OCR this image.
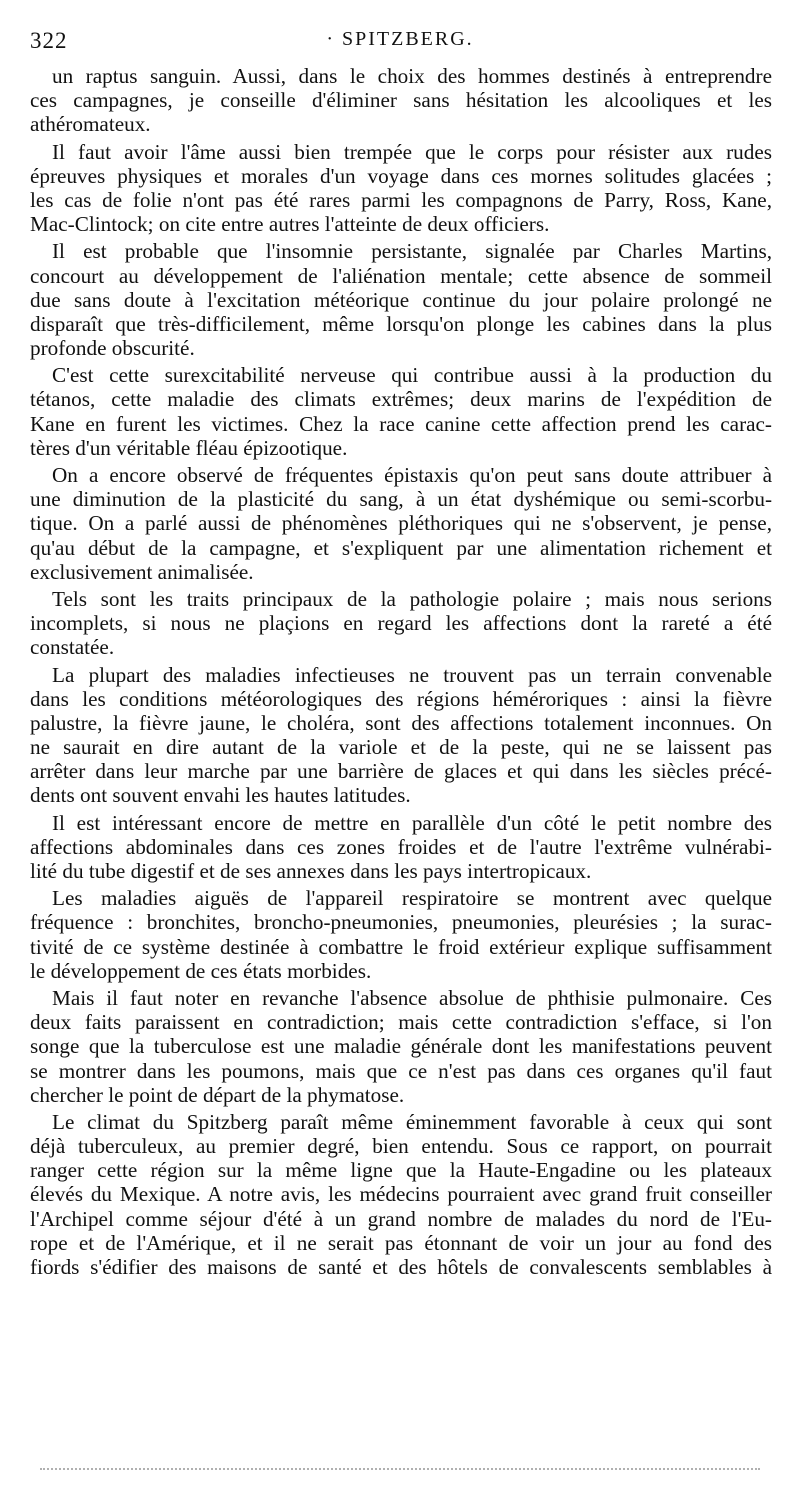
322	· SPITZBERG.
un raptus sanguin. Aussi, dans le choix des hommes destinés à entreprendre
ces campagnes, je conseille d'éliminer sans hésitation les alcooliques et les
athéromateux.
Il faut avoir l'âme aussi bien trempée que le corps pour résister aux rudes
épreuves physiques et morales d'un voyage dans ces mornes solitudes glacées ;
les cas de folie n'ont pas été rares parmi les compagnons de Parry, Ross, Kane,
Mac-Clintock; on cite entre autres l'atteinte de deux officiers.
Il est probable que l'insomnie persistante, signalée par Charles Martins,
concourt au développement de l'aliénation mentale; cette absence de sommeil
due sans doute à l'excitation météorique continue du jour polaire prolongé ne
disparaît que très-difficilement, même lorsqu'on plonge les cabines dans la plus
profonde obscurité.
C'est cette surexcitabilité nerveuse qui contribue aussi à la production du
tétanos, cette maladie des climats extrêmes; deux marins de l'expédition de
Kane en furent les victimes. Chez la race canine cette affection prend les carac-
tères d'un véritable fléau épizootique.
On a encore observé de fréquentes épistaxis qu'on peut sans doute attribuer à
une diminution de la plasticité du sang, à un état dyshémique ou semi-scorbu-
tique. On a parlé aussi de phénomènes pléthoriques qui ne s'observent, je pense,
qu'au début de la campagne, et s'expliquent par une alimentation richement et
exclusivement animalisée.
Tels sont les traits principaux de la pathologie polaire ; mais nous serions
incomplets, si nous ne plaçions en regard les affections dont la rareté a été
constatée.
La plupart des maladies infectieuses ne trouvent pas un terrain convenable
dans les conditions météorologiques des régions héméroriques : ainsi la fièvre
palustre, la fièvre jaune, le choléra, sont des affections totalement inconnues. On
ne saurait en dire autant de la variole et de la peste, qui ne se laissent pas
arrêter dans leur marche par une barrière de glaces et qui dans les siècles précé-
dents ont souvent envahi les hautes latitudes.
Il est intéressant encore de mettre en parallèle d'un côté le petit nombre des
affections abdominales dans ces zones froides et de l'autre l'extrême vulnérabi-
lité du tube digestif et de ses annexes dans les pays intertropicaux.
Les maladies aiguës de l'appareil respiratoire se montrent avec quelque
fréquence : bronchites, broncho-pneumonies, pneumonies, pleurésies ; la surac-
tivité de ce système destinée à combattre le froid extérieur explique suffisamment
le développement de ces états morbides.
Mais il faut noter en revanche l'absence absolue de phthisie pulmonaire. Ces
deux faits paraissent en contradiction; mais cette contradiction s'efface, si l'on
songe que la tuberculose est une maladie générale dont les manifestations peuvent
se montrer dans les poumons, mais que ce n'est pas dans ces organes qu'il faut
chercher le point de départ de la phymatose.
Le climat du Spitzberg paraît même éminemment favorable à ceux qui sont
déjà tuberculeux, au premier degré, bien entendu. Sous ce rapport, on pourrait
ranger cette région sur la même ligne que la Haute-Engadine ou les plateaux
élevés du Mexique. A notre avis, les médecins pourraient avec grand fruit conseiller
l'Archipel comme séjour d'été à un grand nombre de malades du nord de l'Eu-
rope et de l'Amérique, et il ne serait pas étonnant de voir un jour au fond des
fiords s'édifier des maisons de santé et des hôtels de convalescents semblables à
